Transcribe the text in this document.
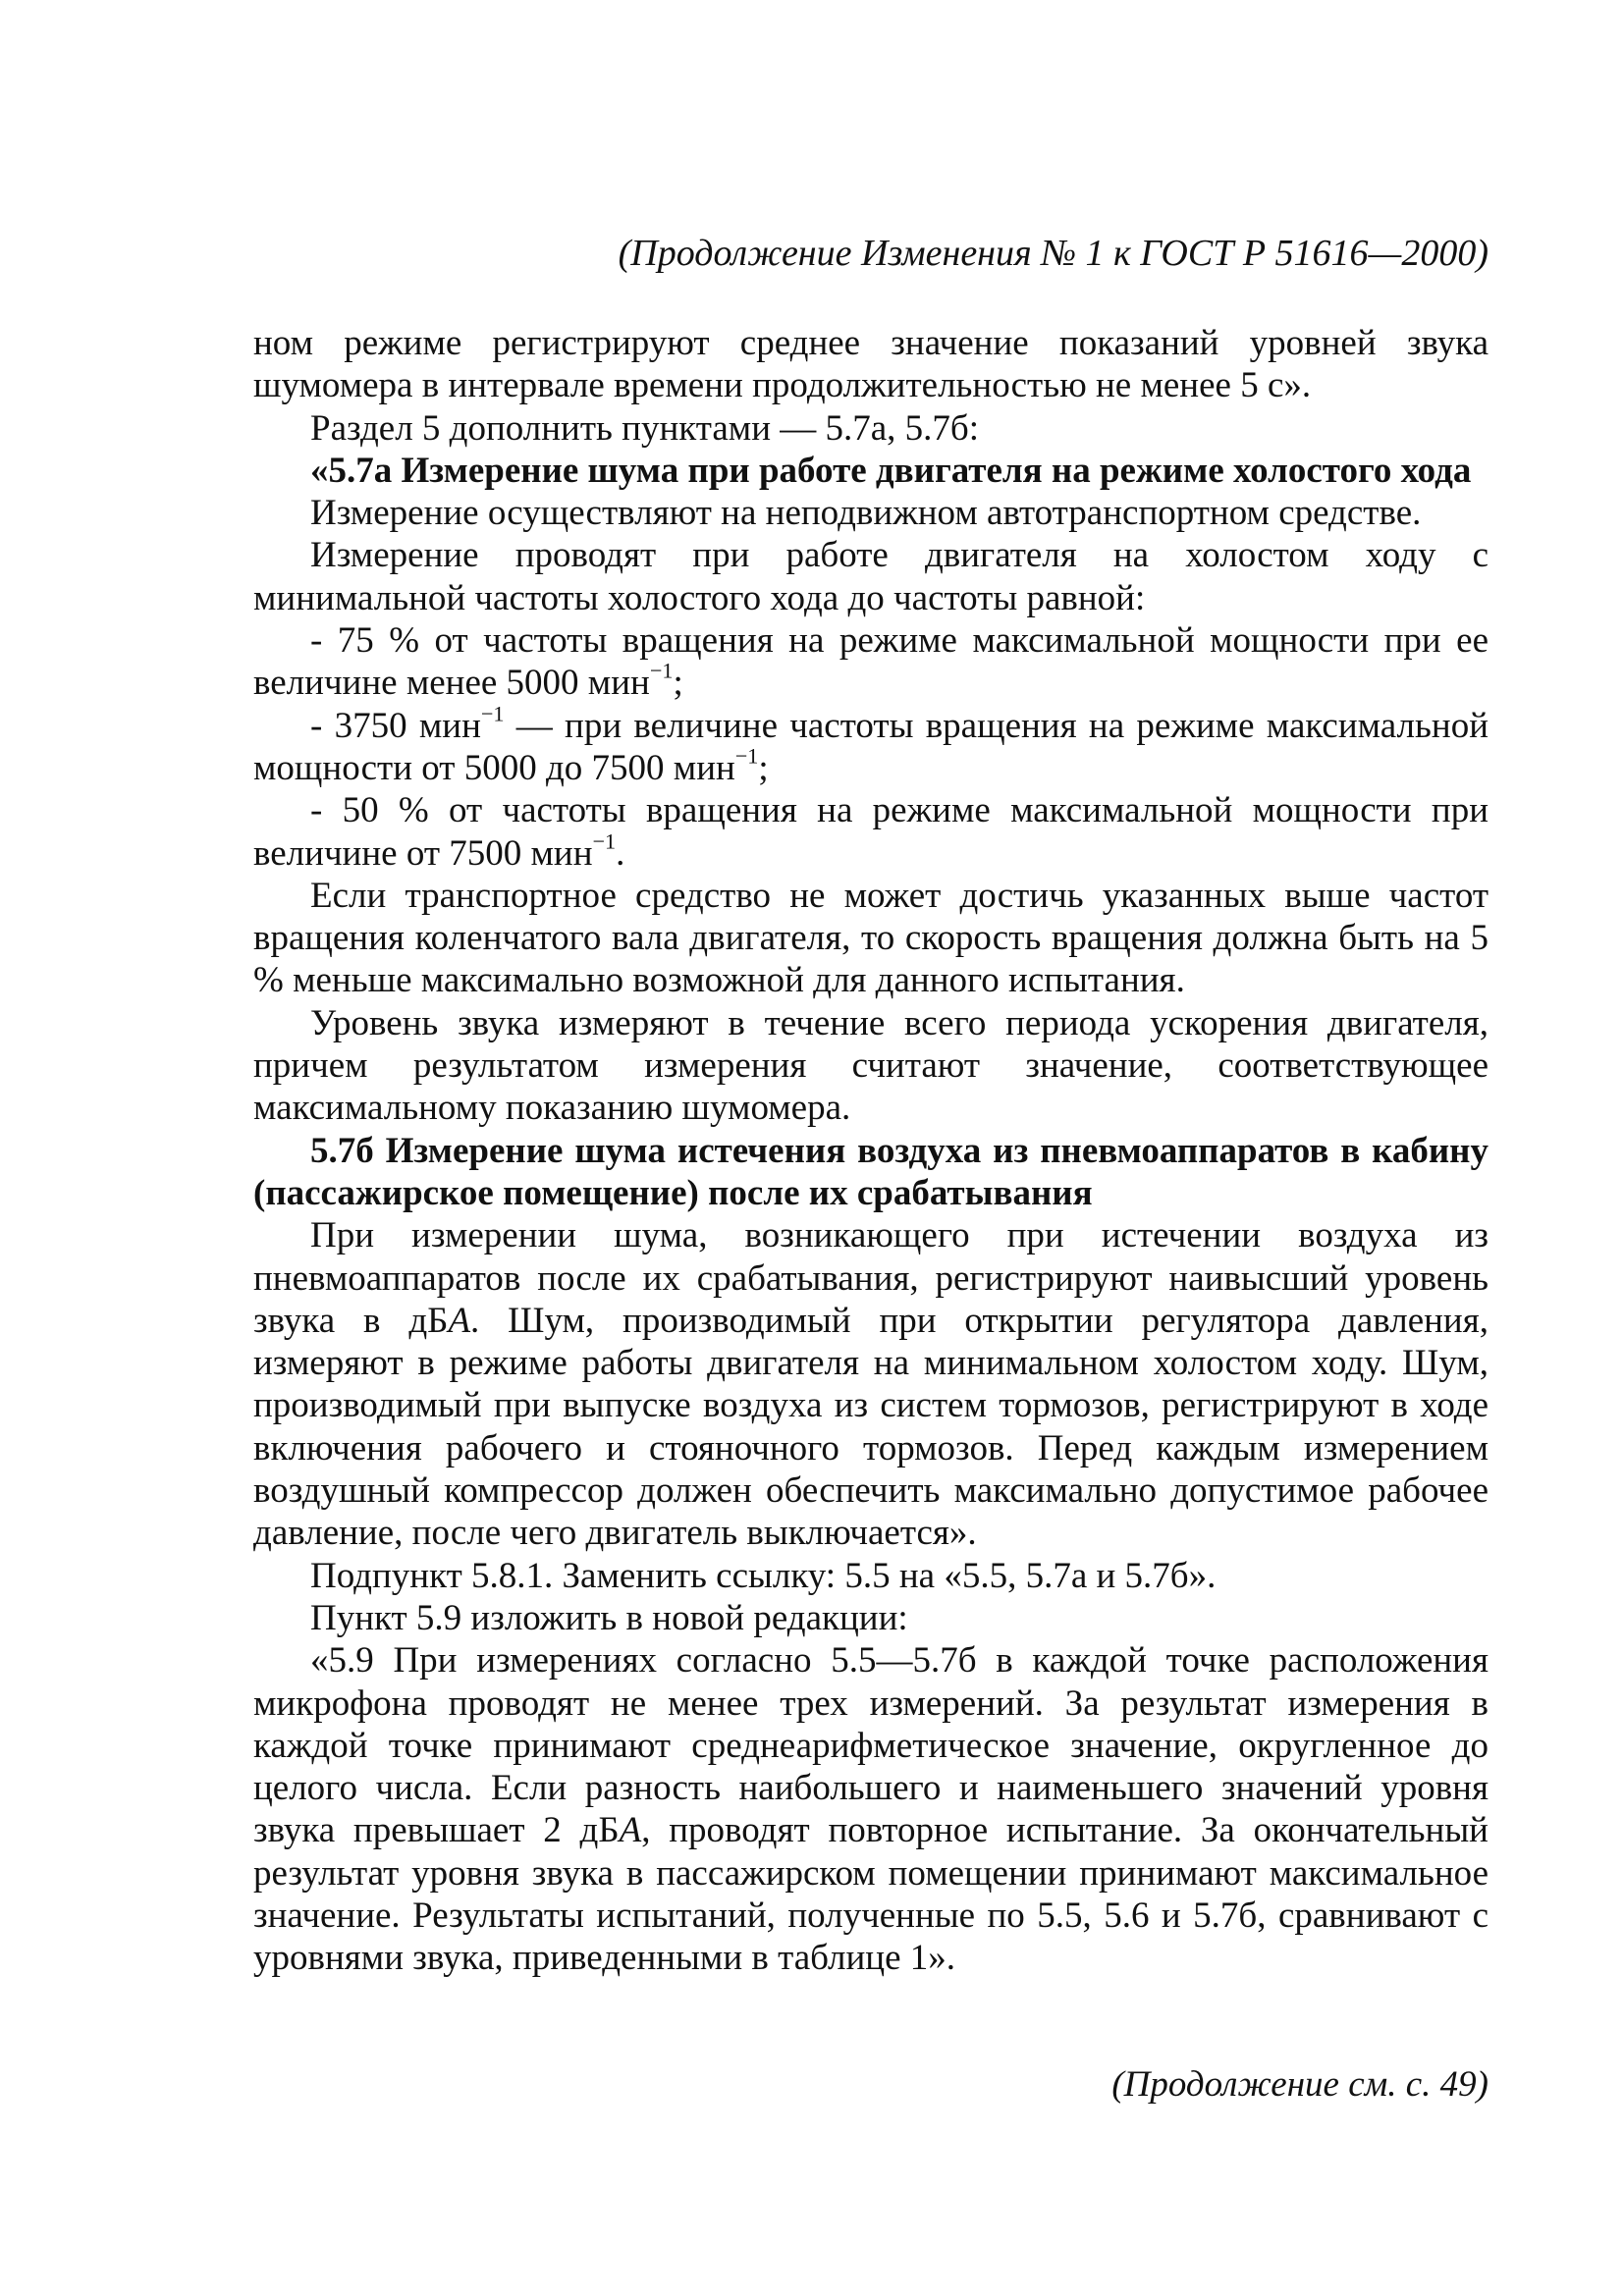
(Продолжение Изменения № 1 к ГОСТ Р 51616—2000)

ном режиме регистрируют среднее значение показаний уровней звука шумомера в интервале времени продолжительностью не менее 5 с».

Раздел 5 дополнить пунктами — 5.7а, 5.7б:

«5.7а Измерение шума при работе двигателя на режиме холостого хода

Измерение осуществляют на неподвижном автотранспортном средстве.

Измерение проводят при работе двигателя на холостом ходу с минимальной частоты холостого хода до частоты равной:

- 75 % от частоты вращения на режиме максимальной мощности при ее величине менее 5000 мин$^{-1}$;

- 3750 мин$^{-1}$ — при величине частоты вращения на режиме максимальной мощности от 5000 до 7500 мин$^{-1}$;

- 50 % от частоты вращения на режиме максимальной мощности при величине от 7500 мин$^{-1}$.

Если транспортное средство не может достичь указанных выше частот вращения коленчатого вала двигателя, то скорость вращения должна быть на 5 % меньше максимально возможной для данного испытания.

Уровень звука измеряют в течение всего периода ускорения двигателя, причем результатом измерения считают значение, соответствующее максимальному показанию шумомера.

5.7б Измерение шума истечения воздуха из пневмоаппаратов в кабину (пассажирское помещение) после их срабатывания

При измерении шума, возникающего при истечении воздуха из пневмоаппаратов после их срабатывания, регистрируют наивысший уровень звука в дБА. Шум, производимый при открытии регулятора давления, измеряют в режиме работы двигателя на минимальном холостом ходу. Шум, производимый при выпуске воздуха из систем тормозов, регистрируют в ходе включения рабочего и стояночного тормозов. Перед каждым измерением воздушный компрессор должен обеспечить максимально допустимое рабочее давление, после чего двигатель выключается».

Подпункт 5.8.1. Заменить ссылку: 5.5 на «5.5, 5.7а и 5.7б».

Пункт 5.9 изложить в новой редакции:

«5.9 При измерениях согласно 5.5—5.7б в каждой точке расположения микрофона проводят не менее трех измерений. За результат измерения в каждой точке принимают среднеарифметическое значение, округленное до целого числа. Если разность наибольшего и наименьшего значений уровня звука превышает 2 дБА, проводят повторное испытание. За окончательный результат уровня звука в пассажирском помещении принимают максимальное значение. Результаты испытаний, полученные по 5.5, 5.6 и 5.7б, сравнивают с уровнями звука, приведенными в таблице 1».

(Продолжение см. с. 49)
